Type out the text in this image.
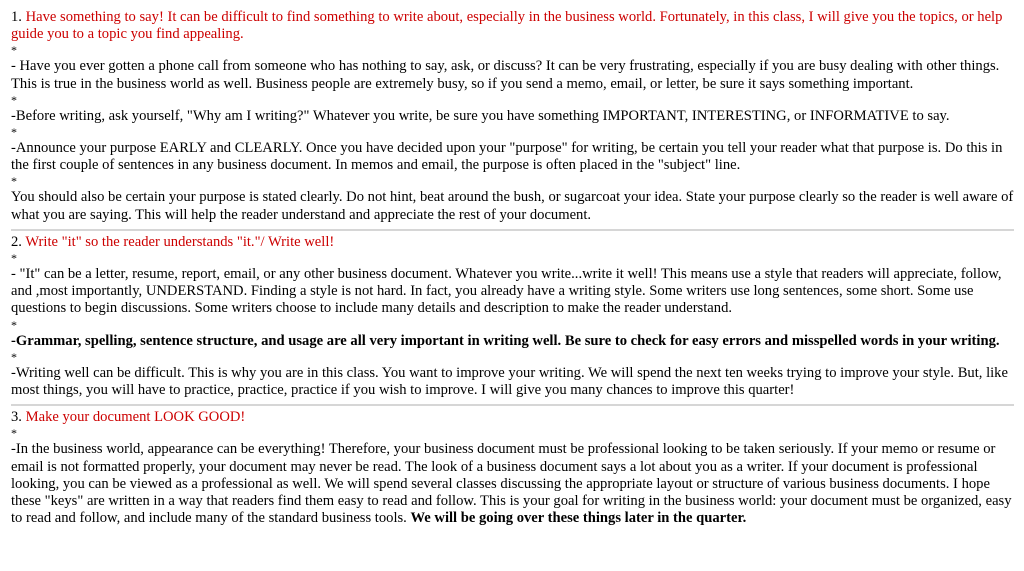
1. Have something to say! It can be difficult to find something to write about, especially in the business world. Fortunately, in this class, I will give you the topics, or help guide you to a topic you find appealing.
*

- Have you ever gotten a phone call from someone who has nothing to say, ask, or discuss? It can be very frustrating, especially if you are busy dealing with other things. This is true in the business world as well. Business people are extremely busy, so if you send a memo, email, or letter, be sure it says something important.

*

-Before writing, ask yourself, "Why am I writing?" Whatever you write, be sure you have something IMPORTANT, INTERESTING, or INFORMATIVE to say.

*

-Announce your purpose EARLY and CLEARLY. Once you have decided upon your "purpose" for writing, be certain you tell your reader what that purpose is. Do this in the first couple of sentences in any business document. In memos and email, the purpose is often placed in the "subject" line.

*

You should also be certain your purpose is stated clearly. Do not hint, beat around the bush, or sugarcoat your idea. State your purpose clearly so the reader is well aware of what you are saying. This will help the reader understand and appreciate the rest of your document.

2. Write "it" so the reader understands "it."/ Write well!
*

- "It" can be a letter, resume, report, email, or any other business document. Whatever you write...write it well! This means use a style that readers will appreciate, follow, and ,most importantly, UNDERSTAND. Finding a style is not hard. In fact, you already have a writing style. Some writers use long sentences, some short. Some use questions to begin discussions. Some writers choose to include many details and description to make the reader understand.

*

-Grammar, spelling, sentence structure, and usage are all very important in writing well. Be sure to check for easy errors and misspelled words in your writing.

*

-Writing well can be difficult. This is why you are in this class. You want to improve your writing. We will spend the next ten weeks trying to improve your style. But, like most things, you will have to practice, practice, practice if you wish to improve. I will give you many chances to improve this quarter!

3. Make your document LOOK GOOD!
*

-In the business world, appearance can be everything! Therefore, your business document must be professional looking to be taken seriously. If your memo or resume or email is not formatted properly, your document may never be read. The look of a business document says a lot about you as a writer. If your document is professional looking, you can be viewed as a professional as well. We will spend several classes discussing the appropriate layout or structure of various business documents. I hope these "keys" are written in a way that readers find them easy to read and follow. This is your goal for writing in the business world: your document must be organized, easy to read and follow, and include many of the standard business tools. We will be going over these things later in the quarter.
